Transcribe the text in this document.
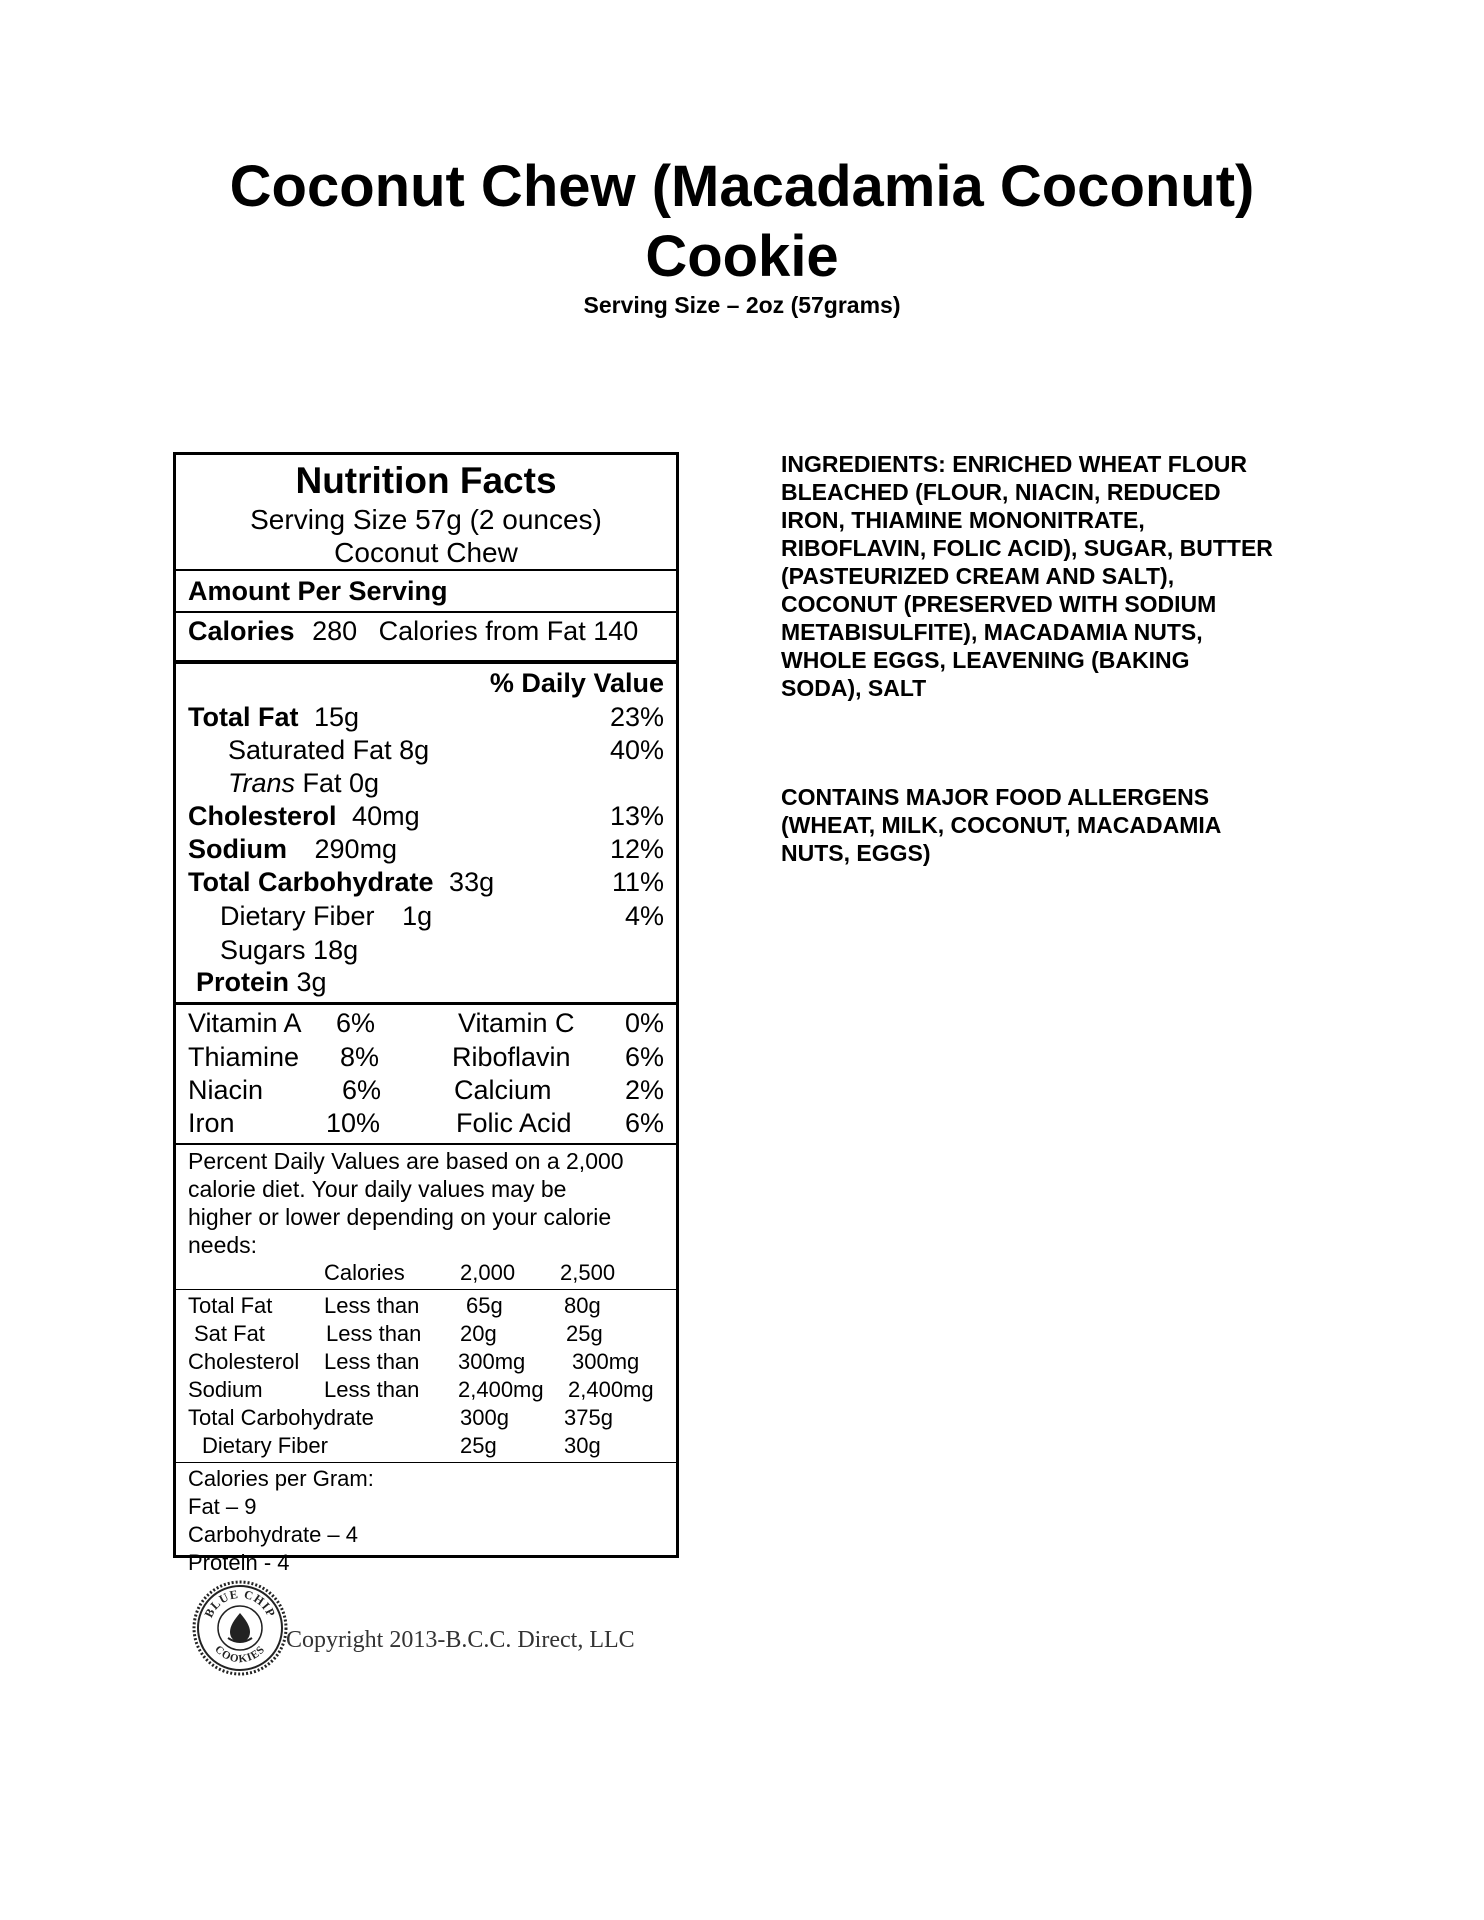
Coconut Chew (Macadamia Coconut)
Cookie
Serving Size – 2oz (57grams)
Nutrition Facts
Serving Size 57g (2 ounces)
Coconut Chew
Amount Per Serving
Calories 280 Calories from Fat 140
% Daily Value
Total Fat 15g	23%
Saturated Fat 8g	40%
Trans Fat 0g
Cholesterol 40mg	13%
Sodium 290mg	12%
Total Carbohydrate 33g	11%
Dietary Fiber 1g	4%
Sugars 18g
Protein 3g
Vitamin A 6%	Vitamin C 0%
Thiamine 8%	Riboflavin 6%
Niacin	6%	Calcium	2%
Iron	10%	Folic Acid 6%
Percent Daily Values are based on a 2,000
calorie diet. Your daily values may be
higher or lower depending on your calorie
needs:
Calories	2,000 2,500
Total Fat Less than 65g	80g
Sat Fat	Less than 20g	25g
Cholesterol Less than 300mg 300mg
Sodium	Less than 2,400mg 2,400mg
Total Carbohydrate	300g	375g
Dietary Fiber	25g	30g
Calories per Gram:
Fat – 9
Carbohydrate – 4
Protein - 4
INGREDIENTS: ENRICHED WHEAT FLOUR
BLEACHED (FLOUR, NIACIN, REDUCED
IRON, THIAMINE MONONITRATE,
RIBOFLAVIN, FOLIC ACID), SUGAR, BUTTER
(PASTEURIZED CREAM AND SALT),
COCONUT (PRESERVED WITH SODIUM
METABISULFITE), MACADAMIA NUTS,
WHOLE EGGS, LEAVENING (BAKING
SODA), SALT
CONTAINS MAJOR FOOD ALLERGENS
(WHEAT, MILK, COCONUT, MACADAMIA
NUTS, EGGS)
BLUE CHIP
COOKIES Copyright 2013-B.C.C. Direct, LLC
